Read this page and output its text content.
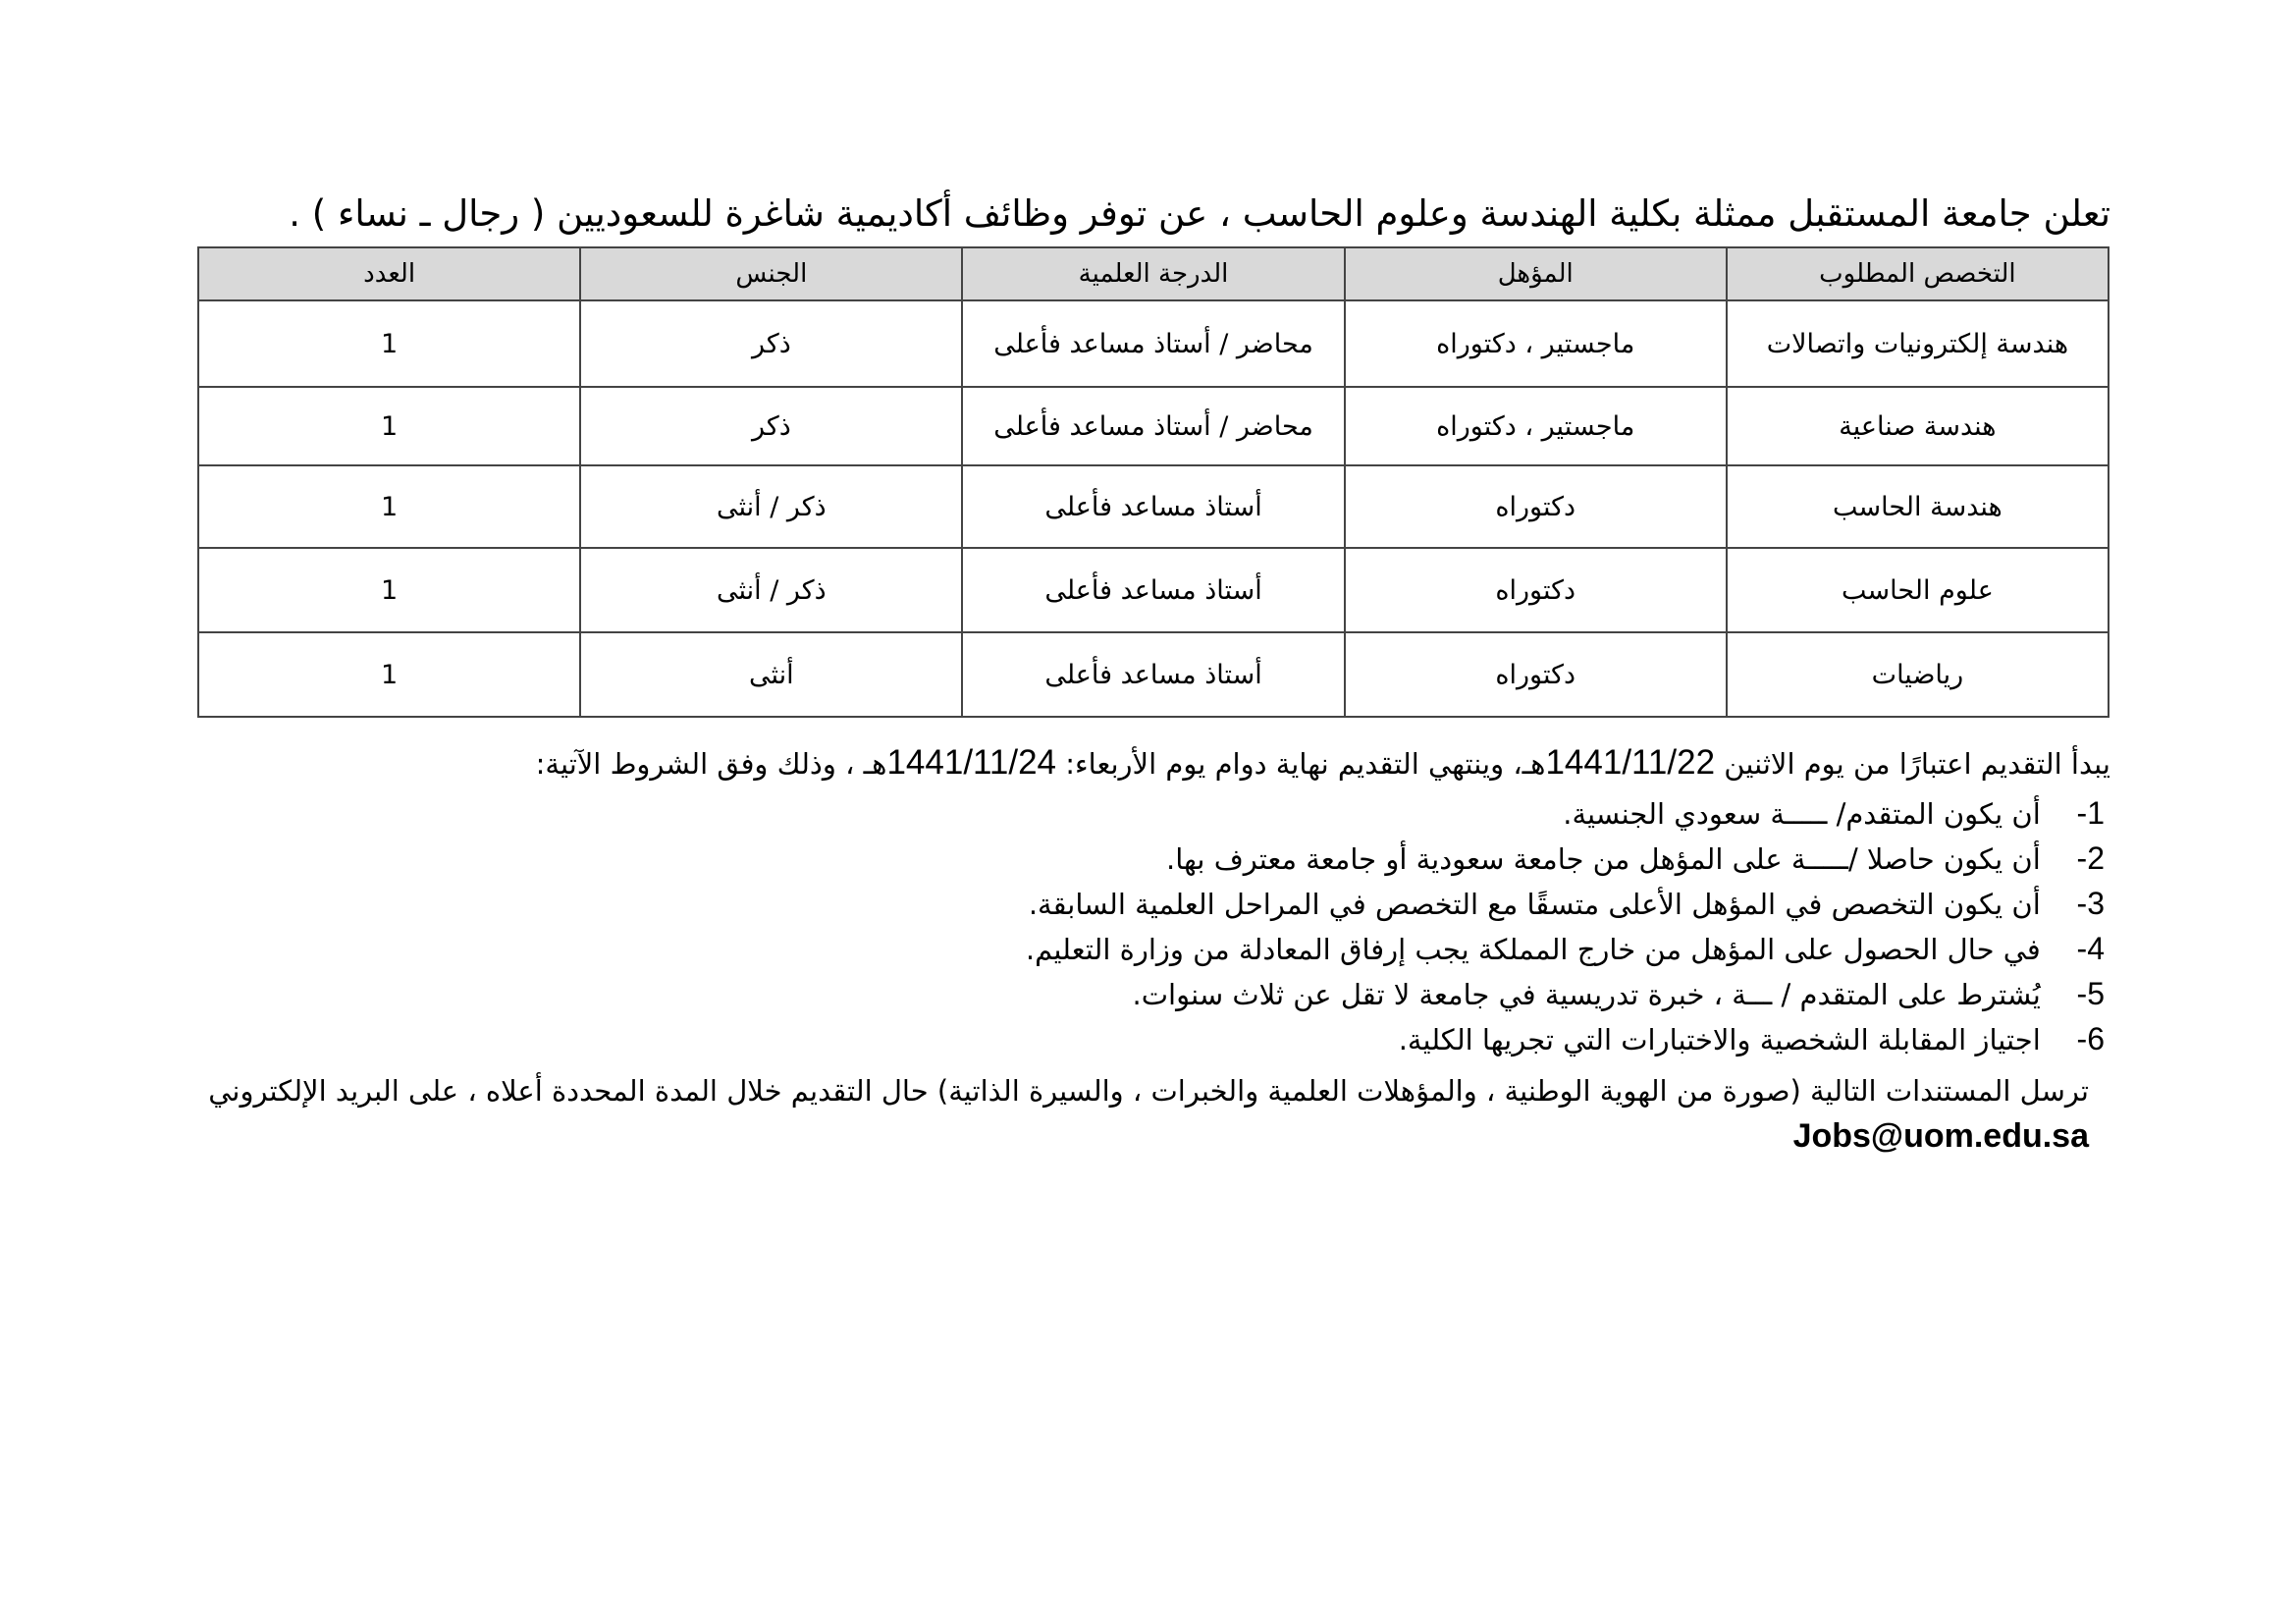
تعلن جامعة المستقبل ممثلة بكلية الهندسة وعلوم الحاسب ، عن توفر وظائف أكاديمية شاغرة للسعوديين ( رجال ـ نساء ) .
التخصص المطلوب	المؤهل	الدرجة العلمية	الجنس	العدد
هندسة إلكترونيات واتصالات	ماجستير ، دكتوراه	محاضر / أستاذ مساعد فأعلى	ذكر	1
هندسة صناعية	ماجستير ، دكتوراه	محاضر / أستاذ مساعد فأعلى	ذكر	1
هندسة الحاسب	دكتوراه	أستاذ مساعد فأعلى	ذكر / أنثى	1
علوم الحاسب	دكتوراه	أستاذ مساعد فأعلى	ذكر / أنثى	1
رياضيات	دكتوراه	أستاذ مساعد فأعلى	أنثى	1
يبدأ التقديم اعتبارًا من يوم الاثنين 1441/11/22هـ، وينتهي التقديم نهاية دوام يوم الأربعاء: 1441/11/24هـ ، وذلك وفق الشروط الآتية:
1- أن يكون المتقدم/ ـــــة سعودي الجنسية.
2- أن يكون حاصلا /ـــــة على المؤهل من جامعة سعودية أو جامعة معترف بها.
3- أن يكون التخصص في المؤهل الأعلى متسقًا مع التخصص في المراحل العلمية السابقة.
4- في حال الحصول على المؤهل من خارج المملكة يجب إرفاق المعادلة من وزارة التعليم.
5- يُشترط على المتقدم / ـــة ، خبرة تدريسية في جامعة لا تقل عن ثلاث سنوات.
6- اجتياز المقابلة الشخصية والاختبارات التي تجريها الكلية.
ترسل المستندات التالية (صورة من الهوية الوطنية ، والمؤهلات العلمية والخبرات ، والسيرة الذاتية) حال التقديم خلال المدة المحددة أعلاه ، على البريد الإلكتروني
Jobs@uom.edu.sa
